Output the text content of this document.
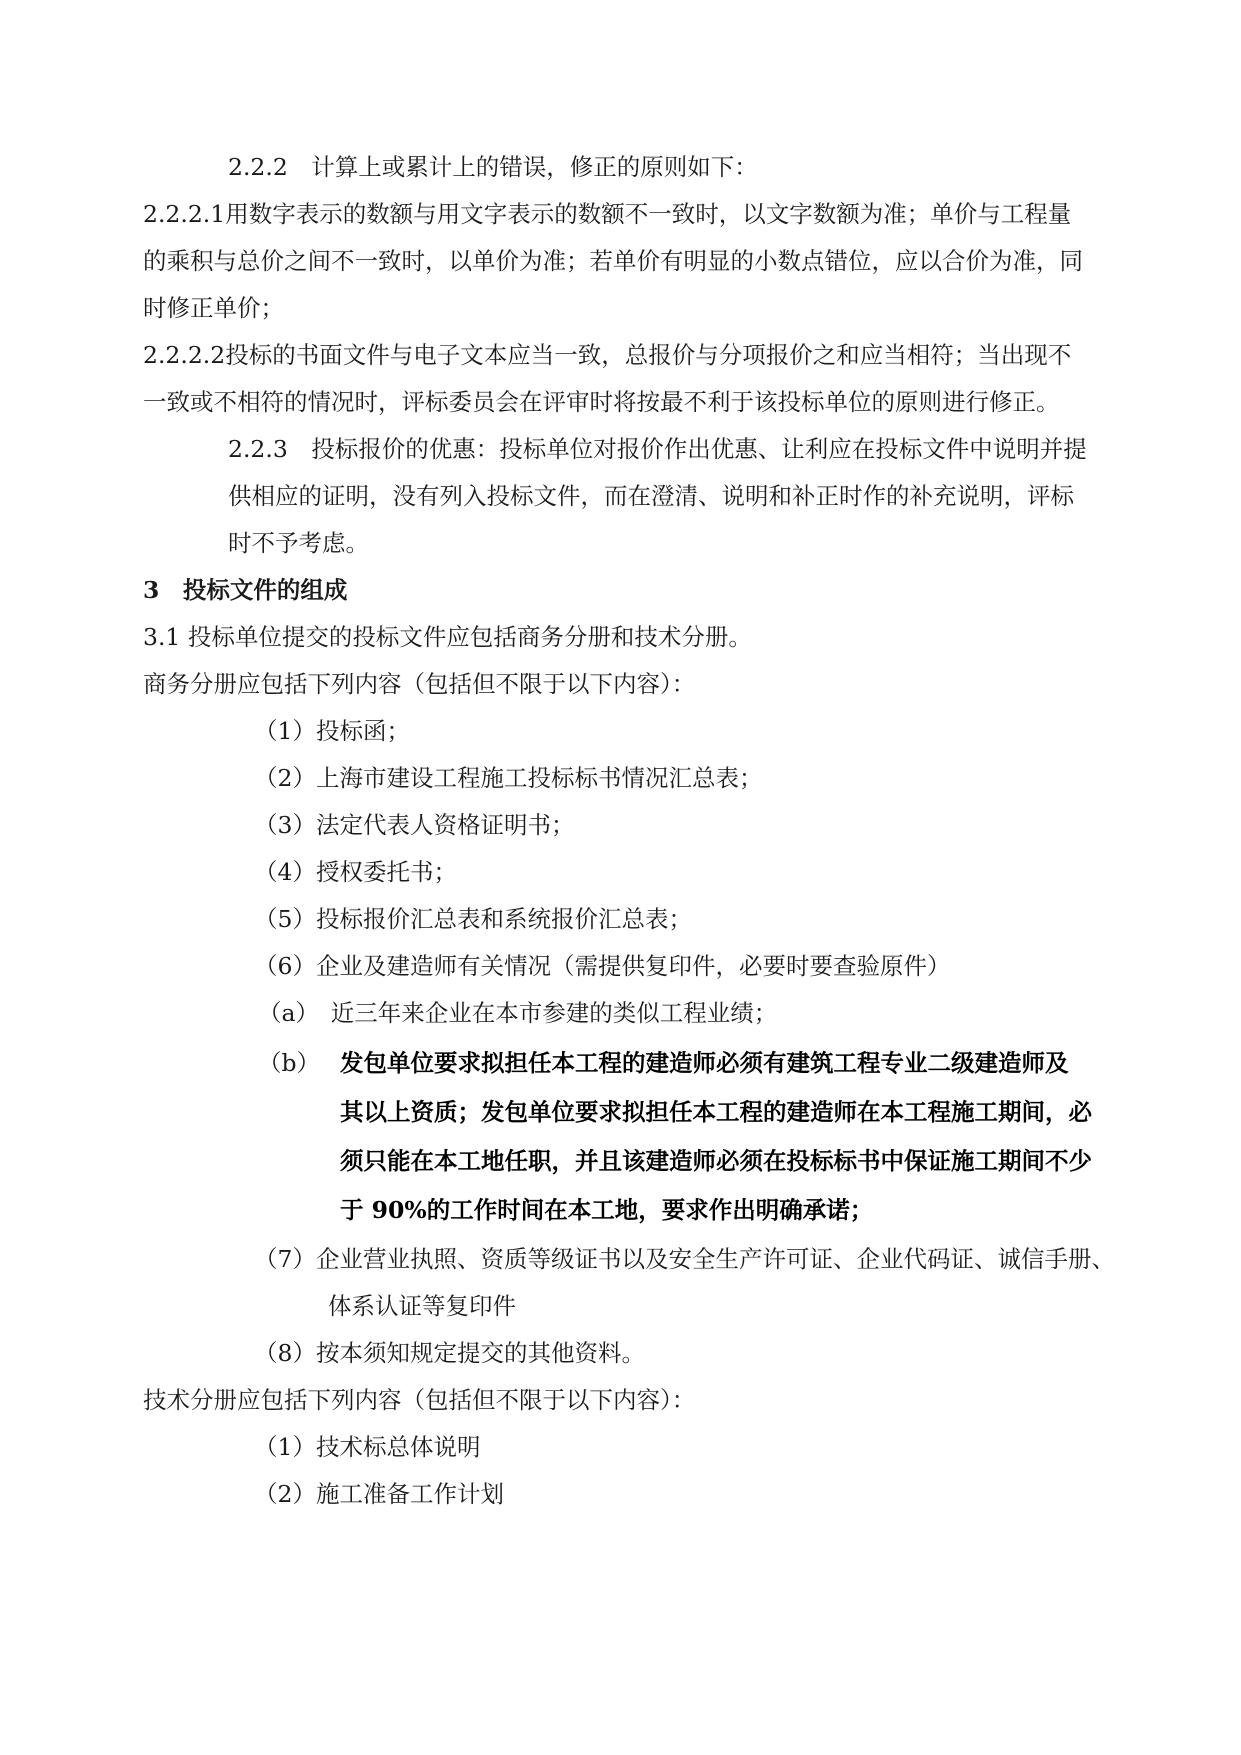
2.2.2　计算上或累计上的错误，修正的原则如下：
2.2.2.1用数字表示的数额与用文字表示的数额不一致时，以文字数额为准；单价与工程量
的乘积与总价之间不一致时，以单价为准；若单价有明显的小数点错位，应以合价为准，同
时修正单价；
2.2.2.2投标的书面文件与电子文本应当一致，总报价与分项报价之和应当相符；当出现不
一致或不相符的情况时，评标委员会在评审时将按最不利于该投标单位的原则进行修正。
2.2.3　投标报价的优惠：投标单位对报价作出优惠、让利应在投标文件中说明并提
供相应的证明，没有列入投标文件，而在澄清、说明和补正时作的补充说明，评标
时不予考虑。
3　投标文件的组成
3.1 投标单位提交的投标文件应包括商务分册和技术分册。
商务分册应包括下列内容（包括但不限于以下内容）：
（1）投标函；
（2）上海市建设工程施工投标标书情况汇总表；
（3）法定代表人资格证明书；
（4）授权委托书；
（5）投标报价汇总表和系统报价汇总表；
（6）企业及建造师有关情况（需提供复印件，必要时要查验原件）
（a）　近三年来企业在本市参建的类似工程业绩；
（b） 发包单位要求拟担任本工程的建造师必须有建筑工程专业二级建造师及
其以上资质；发包单位要求拟担任本工程的建造师在本工程施工期间，必
须只能在本工地任职，并且该建造师必须在投标标书中保证施工期间不少
于 90%的工作时间在本工地，要求作出明确承诺；
（7）企业营业执照、资质等级证书以及安全生产许可证、企业代码证、诚信手册、
体系认证等复印件
（8）按本须知规定提交的其他资料。
技术分册应包括下列内容（包括但不限于以下内容）：
（1）技术标总体说明
（2）施工准备工作计划
